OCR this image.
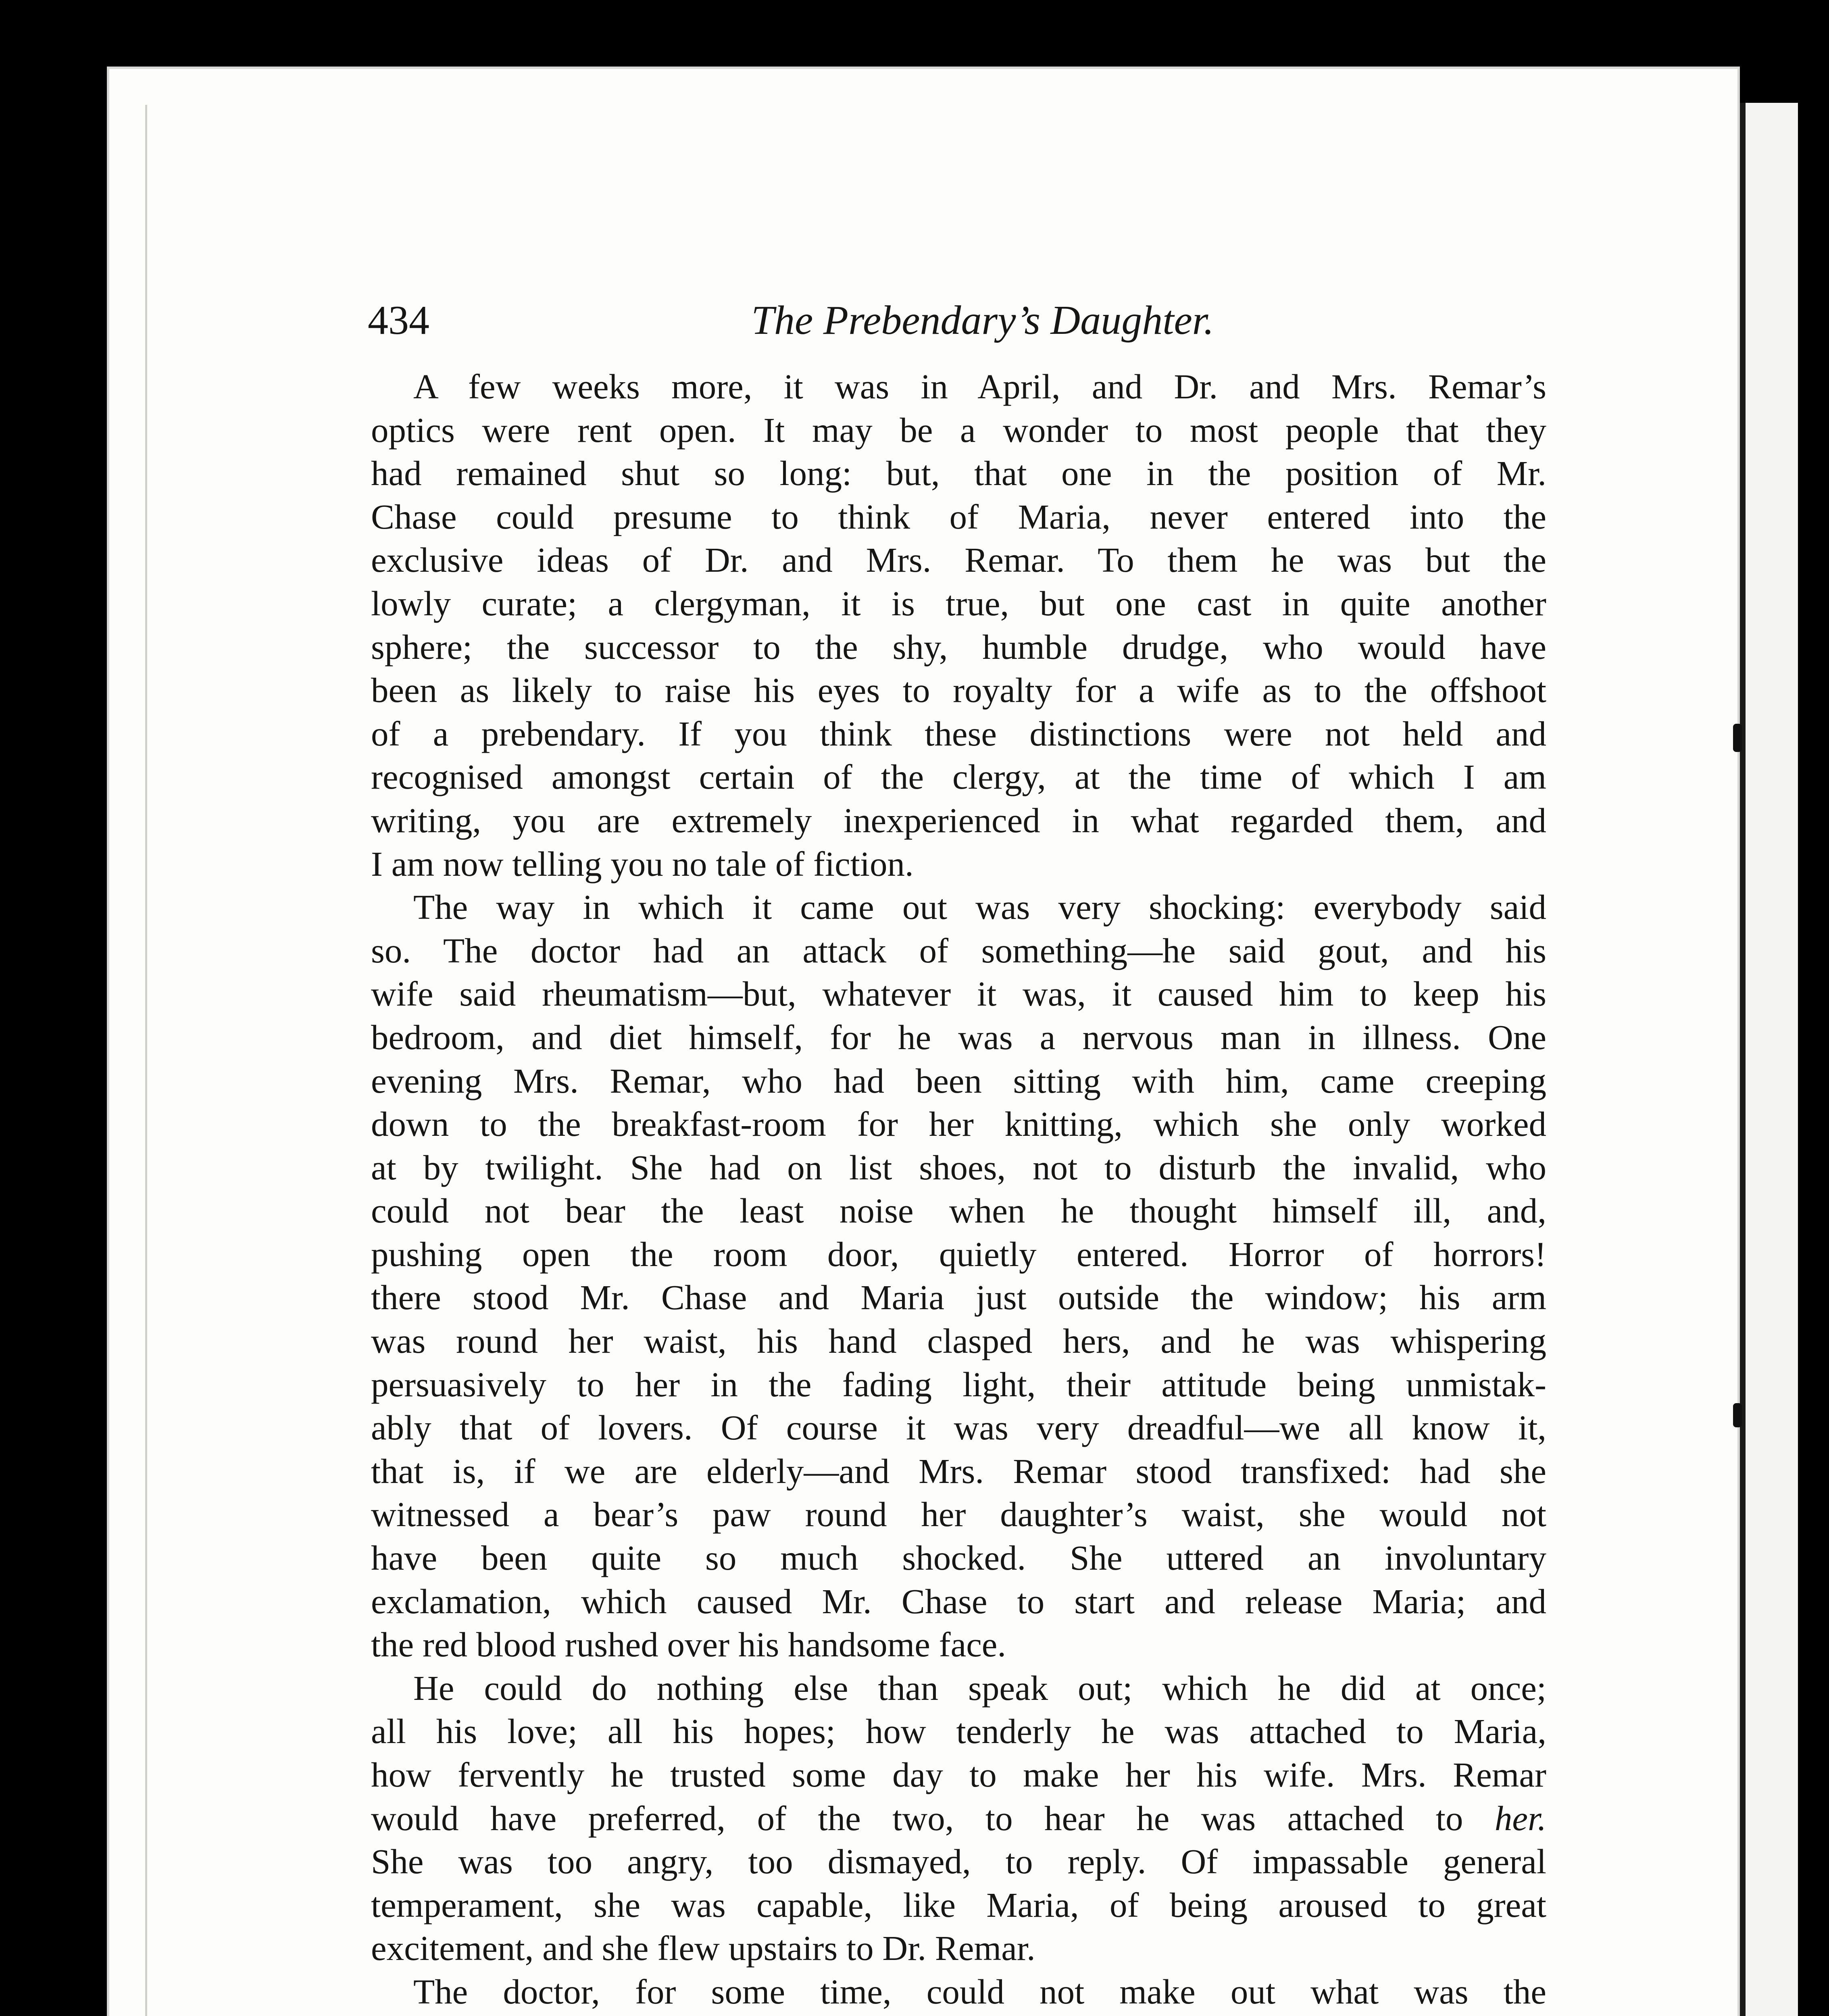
434	The Prebendary’s Daughter.
A few weeks more, it was in April, and Dr. and Mrs. Remar’s
optics were rent open. It may be a wonder to most people that they
had remained shut so long: but, that one in the position of Mr.
Chase could presume to think of Maria, never entered into the
exclusive ideas of Dr. and Mrs. Remar. To them he was but the
lowly curate; a clergyman, it is true, but one cast in quite another
sphere; the successor to the shy, humble drudge, who would have
been as likely to raise his eyes to royalty for a wife as to the offshoot
of a prebendary. If you think these distinctions were not held and
recognised amongst certain of the clergy, at the time of which I am
writing, you are extremely inexperienced in what regarded them, and
I am now telling you no tale of fiction.
The way in which it came out was very shocking: everybody said
so. The doctor had an attack of something—he said gout, and his
wife said rheumatism—but, whatever it was, it caused him to keep his
bedroom, and diet himself, for he was a nervous man in illness. One
evening Mrs. Remar, who had been sitting with him, came creeping
down to the breakfast-room for her knitting, which she only worked
at by twilight. She had on list shoes, not to disturb the invalid, who
could not bear the least noise when he thought himself ill, and,
pushing open the room door, quietly entered. Horror of horrors!
there stood Mr. Chase and Maria just outside the window; his arm
was round her waist, his hand clasped hers, and he was whispering
persuasively to her in the fading light, their attitude being unmistak-
ably that of lovers. Of course it was very dreadful—we all know it,
that is, if we are elderly—and Mrs. Remar stood transfixed: had she
witnessed a bear’s paw round her daughter’s waist, she would not
have been quite so much shocked. She uttered an involuntary
exclamation, which caused Mr. Chase to start and release Maria; and
the red blood rushed over his handsome face.
He could do nothing else than speak out; which he did at once;
all his love; all his hopes; how tenderly he was attached to Maria,
how fervently he trusted some day to make her his wife. Mrs. Remar
would have preferred, of the two, to hear he was attached to her.
She was too angry, too dismayed, to reply. Of impassable general
temperament, she was capable, like Maria, of being aroused to great
excitement, and she flew upstairs to Dr. Remar.
The doctor, for some time, could not make out what was the
